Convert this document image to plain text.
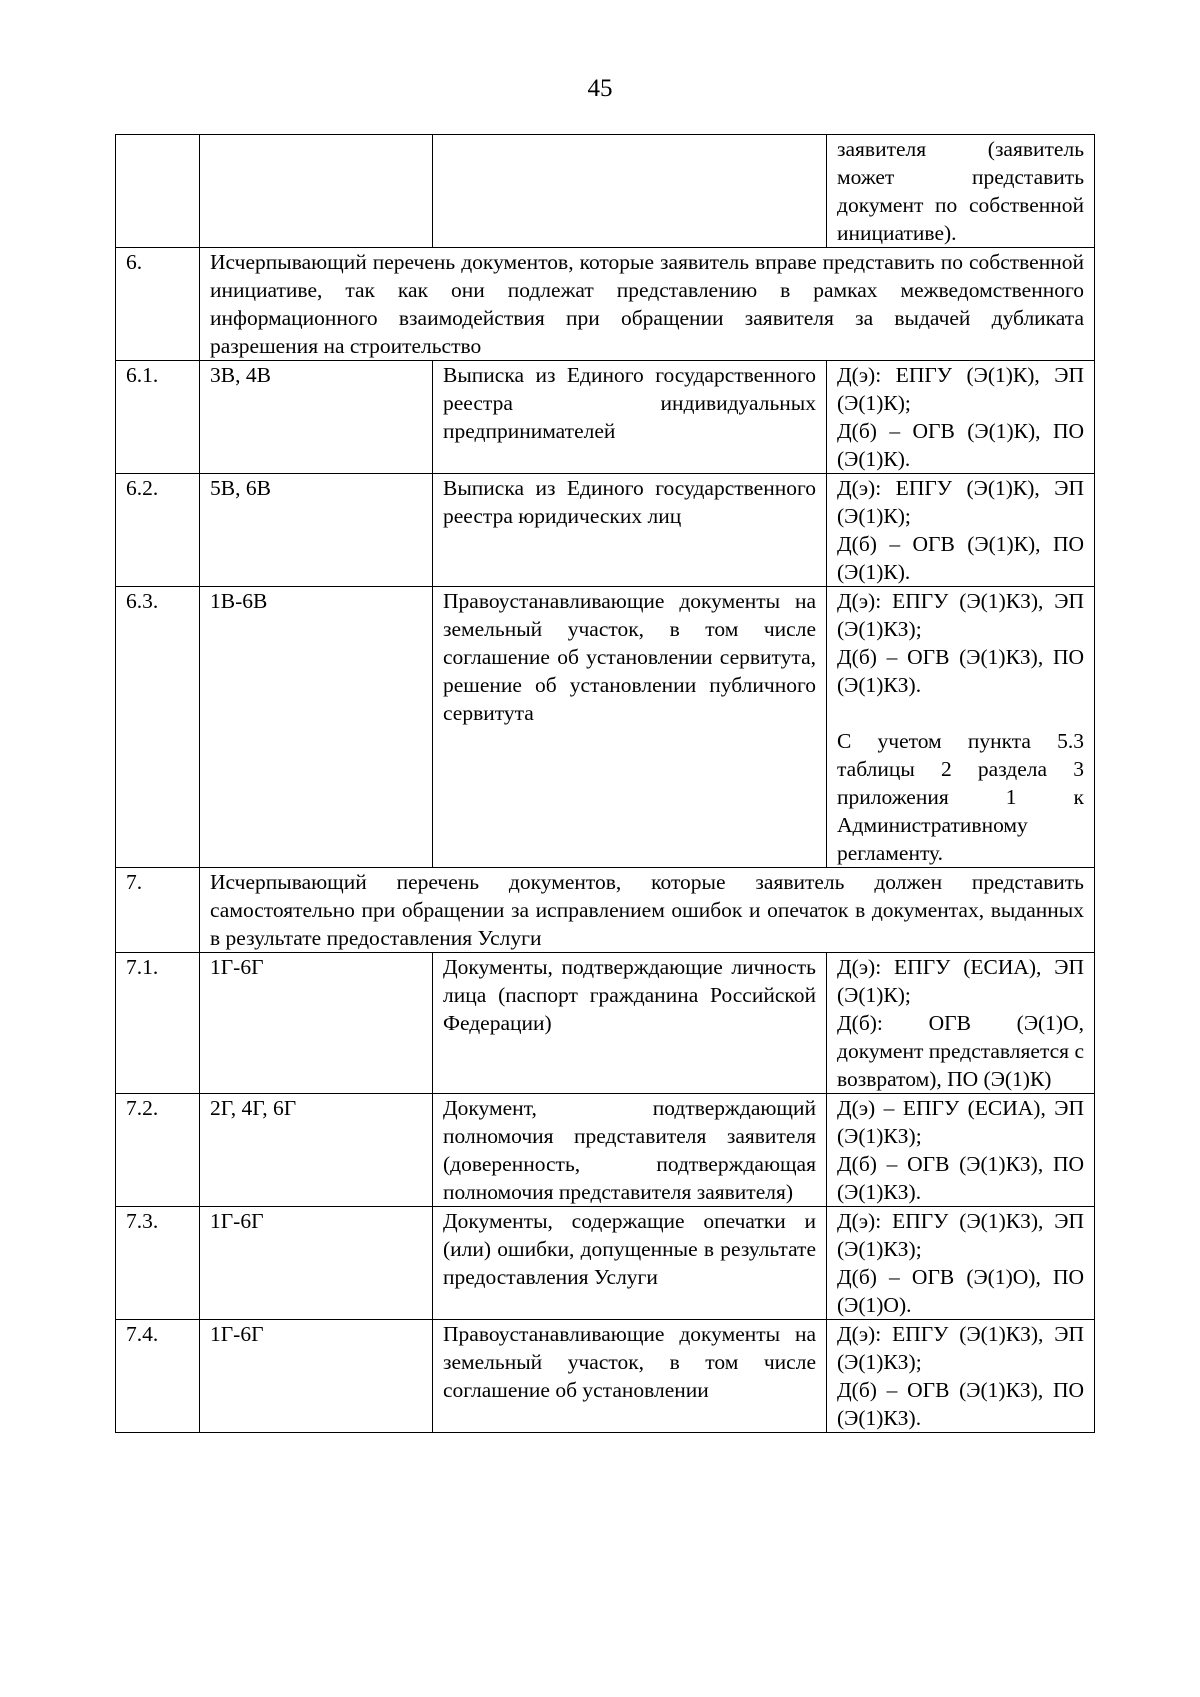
45
			заявителя (заявитель может представить документ по собственной инициативе).
6.	Исчерпывающий перечень документов, которые заявитель вправе представить по собственной инициативе, так как они подлежат представлению в рамках межведомственного информационного взаимодействия при обращении заявителя за выдачей дубликата разрешения на строительство		
6.1.	3В, 4В	Выписка из Единого государственного реестра индивидуальных предпринимателей	Д(э): ЕПГУ (Э(1)К), ЭП (Э(1)К);
Д(б) – ОГВ (Э(1)К), ПО (Э(1)К).

6.2.	5В, 6В	Выписка из Единого государственного реестра юридических лиц	Д(э): ЕПГУ (Э(1)К), ЭП (Э(1)К);
Д(б) – ОГВ (Э(1)К), ПО (Э(1)К).

6.3.	1В-6В	Правоустанавливающие документы на земельный участок, в том числе соглашение об установлении сервитута, решение об установлении публичного сервитута	Д(э): ЕПГУ (Э(1)КЗ), ЭП (Э(1)КЗ);
Д(б) – ОГВ (Э(1)КЗ), ПО (Э(1)КЗ).
С учетом пункта 5.3 таблицы 2 раздела 3 приложения 1 к Административному регламенту.

7.	Исчерпывающий перечень документов, которые заявитель должен представить самостоятельно при обращении за исправлением ошибок и опечаток в документах, выданных в результате предоставления Услуги		
7.1.	1Г-6Г	Документы, подтверждающие личность лица (паспорт гражданина Российской Федерации)	Д(э): ЕПГУ (ЕСИА), ЭП (Э(1)К);
Д(б): ОГВ (Э(1)О, документ представляется с возвратом), ПО (Э(1)К)

7.2.	2Г, 4Г, 6Г	Документ, подтверждающий полномочия представителя заявителя (доверенность, подтверждающая полномочия представителя заявителя)	Д(э) – ЕПГУ (ЕСИА), ЭП (Э(1)КЗ);
Д(б) – ОГВ (Э(1)КЗ), ПО (Э(1)КЗ).

7.3.	1Г-6Г	Документы, содержащие опечатки и (или) ошибки, допущенные в результате предоставления Услуги	Д(э): ЕПГУ (Э(1)КЗ), ЭП (Э(1)КЗ);
Д(б) – ОГВ (Э(1)О), ПО (Э(1)О).

7.4.	1Г-6Г	Правоустанавливающие документы на земельный участок, в том числе соглашение об установлении	Д(э): ЕПГУ (Э(1)КЗ), ЭП (Э(1)КЗ);
Д(б) – ОГВ (Э(1)КЗ), ПО (Э(1)КЗ).
